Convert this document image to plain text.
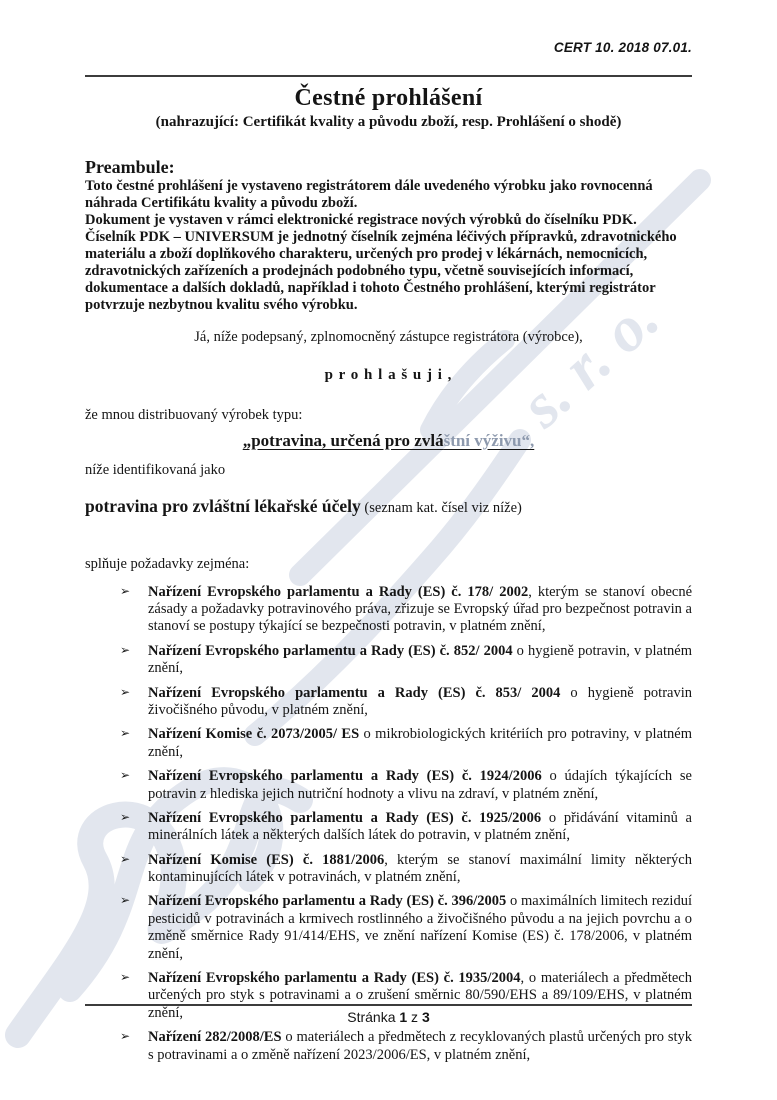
s. r. o.
CERT 10. 2018 07.01.
Čestné prohlášení
(nahrazující: Certifikát kvality a původu zboží, resp. Prohlášení o shodě)
Preambule:

Toto čestné prohlášení je vystaveno registrátorem dále uvedeného výrobku jako rovnocenná náhrada Certifikátu kvality a původu zboží.

Dokument je vystaven v rámci elektronické registrace nových výrobků do číselníku PDK.

Číselník PDK – UNIVERSUM je jednotný číselník zejména léčivých přípravků, zdravotnického materiálu a zboží doplňkového charakteru, určených pro prodej v lékárnách, nemocnicích, zdravotnických zařízeních a prodejnách podobného typu, včetně souvisejících informací, dokumentace a dalších dokladů, například i tohoto Čestného prohlášení, kterými registrátor potvrzuje nezbytnou kvalitu svého výrobku.

Já, níže podepsaný, zplnomocněný zástupce registrátora (výrobce),
p r o h l a š u j i ,
že mnou distribuovaný výrobek typu:
„potravina, určená pro zvláštní výživu“,
níže identifikovaná jako
potravina pro zvláštní lékařské účely (seznam kat. čísel viz níže)
splňuje požadavky zejména:
➢ Nařízení Evropského parlamentu a Rady (ES) č. 178/ 2002, kterým se stanoví obecné zásady a požadavky potravinového práva, zřizuje se Evropský úřad pro bezpečnost potravin a stanoví se postupy týkající se bezpečnosti potravin, v platném znění,
➢ Nařízení Evropského parlamentu a Rady (ES) č. 852/ 2004 o hygieně potravin, v platném znění,
➢ Nařízení Evropského parlamentu a Rady (ES) č. 853/ 2004 o hygieně potravin živočišného původu, v platném znění,
➢ Nařízení Komise č. 2073/2005/ ES o mikrobiologických kritériích pro potraviny, v platném znění,
➢ Nařízení Evropského parlamentu a Rady (ES) č. 1924/2006 o údajích týkajících se potravin z hlediska jejich nutriční hodnoty a vlivu na zdraví, v platném znění,
➢ Nařízení Evropského parlamentu a Rady (ES) č. 1925/2006 o přidávání vitaminů a minerálních látek a některých dalších látek do potravin, v platném znění,
➢ Nařízení Komise (ES) č. 1881/2006, kterým se stanoví maximální limity některých kontaminujících látek v potravinách, v platném znění,
➢ Nařízení Evropského parlamentu a Rady (ES) č. 396/2005 o maximálních limitech reziduí pesticidů v potravinách a krmivech rostlinného a živočišného původu a na jejich povrchu a o změně směrnice Rady 91/414/EHS, ve znění nařízení Komise (ES) č. 178/2006, v platném znění,
➢ Nařízení Evropského parlamentu a Rady (ES) č. 1935/2004, o materiálech a předmětech určených pro styk s potravinami a o zrušení směrnic 80/590/EHS a 89/109/EHS, v platném znění,
➢ Nařízení 282/2008/ES o materiálech a předmětech z recyklovaných plastů určených pro styk s potravinami a o změně nařízení 2023/2006/ES, v platném znění,
Stránka 1 z 3
